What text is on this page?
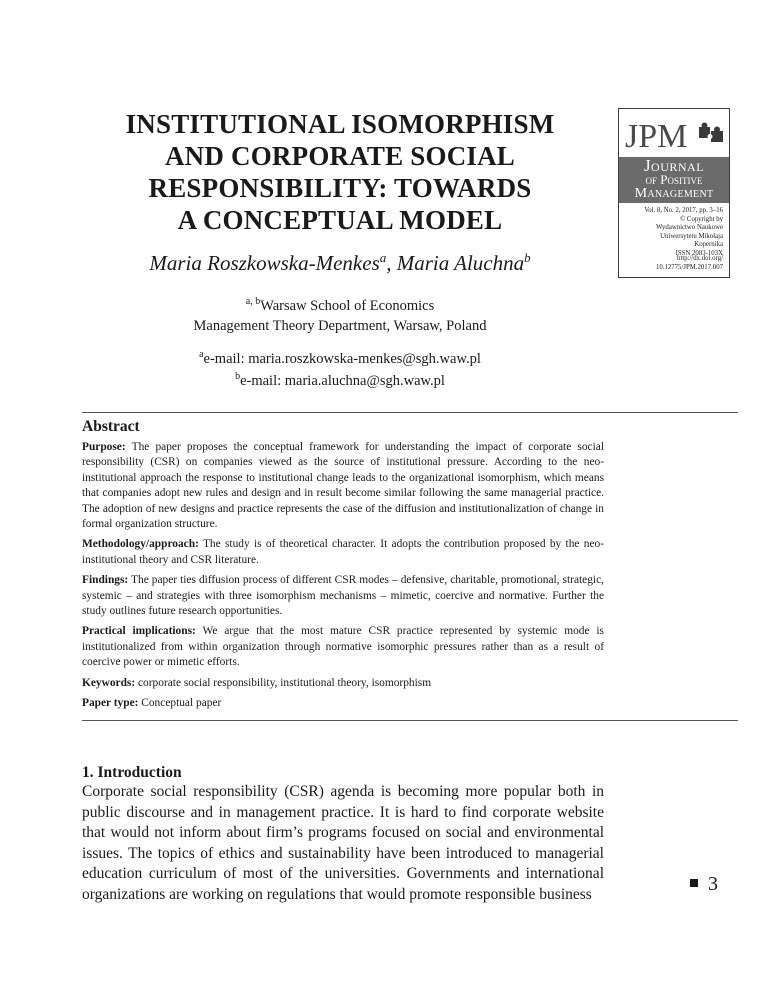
INSTITUTIONAL ISOMORPHISM
AND CORPORATE SOCIAL
RESPONSIBILITY: TOWARDS
A CONCEPTUAL MODEL
Maria Roszkowska-Menkes$^a$, Maria Aluchna$^b$
$^{a, b}$Warsaw School of Economics
Management Theory Department, Warsaw, Poland
$^a$e-mail: maria.roszkowska-menkes@sgh.waw.pl
$^b$e-mail: maria.aluchna@sgh.waw.pl
JPM
Journal
of Positive
Management
Vol. 8, No. 2, 2017, pp. 3–16
© Copyright by
Wydawnictwo Naukowe
Uniwersytetu Mikołaja
Kopernika
ISSN 2083-103X
http://dx.doi.org/
10.12775/JPM.2017.007
Abstract

Purpose: The paper proposes the conceptual framework for understanding the impact of corporate social responsibility (CSR) on companies viewed as the source of institutional pressure. According to the neo-institutional approach the response to institutional change leads to the organizational isomorphism, which means that companies adopt new rules and design and in result become similar following the same managerial practice. The adoption of new designs and practice represents the case of the diffusion and institutionalization of change in formal organization structure.

Methodology/approach: The study is of theoretical character. It adopts the contribution proposed by the neo-institutional theory and CSR literature.

Findings: The paper ties diffusion process of different CSR modes – defensive, charitable, promotional, strategic, systemic – and strategies with three isomorphism mechanisms – mimetic, coercive and normative. Further the study outlines future research opportunities.

Practical implications: We argue that the most mature CSR practice represented by systemic mode is institutionalized from within organization through normative isomorphic pressures rather than as a result of coercive power or mimetic efforts.

Keywords: corporate social responsibility, institutional theory, isomorphism

Paper type: Conceptual paper

1. Introduction

Corporate social responsibility (CSR) agenda is becoming more popular both in public discourse and in management practice. It is hard to find corporate website that would not inform about firm’s programs focused on social and environmental issues. The topics of ethics and sustainability have been introduced to managerial education curriculum of most of the universities. Governments and international organizations are working on regulations that would promote responsible business	3
